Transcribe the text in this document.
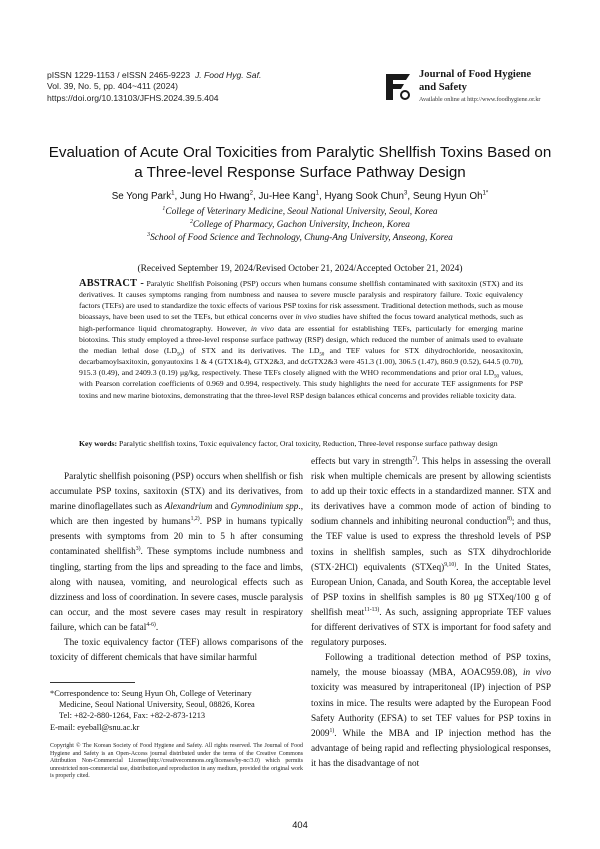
pISSN 1229-1153 / eISSN 2465-9223 J. Food Hyg. Saf.
Vol. 39, No. 5, pp. 404~411 (2024)
https://doi.org/10.13103/JFHS.2024.39.5.404
Journal of Food Hygiene
and Safety
Available online at http://www.foodhygiene.or.kr
Evaluation of Acute Oral Toxicities from Paralytic Shellfish Toxins Based on
a Three-level Response Surface Pathway Design
Se Yong Park$^1$, Jung Ho Hwang$^2$, Ju-Hee Kang$^1$, Hyang Sook Chun$^3$, Seung Hyun $Oh^{1*}$
$^1$College of Veterinary Medicine, Seoul National University, Seoul, Korea
$^2$College of Pharmacy, Gachon University, Incheon, Korea
$^3$School of Food Science and Technology, Chung-Ang University, Anseong, Korea
(Received September 19, 2024/Revised October 21, 2024/Accepted October 21, 2024)
ABSTRACT - Paralytic Shellfish Poisoning (PSP) occurs when humans consume shellfish contaminated with saxitoxin (STX) and its derivatives. It causes symptoms ranging from numbness and nausea to severe muscle paralysis and respiratory failure. Toxic equivalency factors (TEFs) are used to standardize the toxic effects of various PSP toxins for risk assessment. Traditional detection methods, such as mouse bioassays, have been used to set the TEFs, but ethical concerns over in vivo studies have shifted the focus toward analytical methods, such as high-performance liquid chromatography. However, in vivo data are essential for establishing TEFs, particularly for emerging marine biotoxins. This study employed a three-level response surface pathway (RSP) design, which reduced the number of animals used to evaluate the median lethal dose $(LD_{50})$ of STX and its derivatives. The $LD_{50}$ and TEF values for STX dihydrochloride, neosaxitoxin, decarbamoylsaxitoxin, gonyautoxins 1 & 4 (GTX1&4), GTX2&3, and dcGTX2&3 were 451.3 (1.00), 306.5 (1.47), 860.9 (0.52), 644.5 (0.70), 915.3 (0.49), and 2409.3 (0.19) μg/kg, respectively. These TEFs closely aligned with the WHO recommendations and prior oral $LD_{50}$ values, with Pearson correlation coefficients of 0.969 and 0.994, respectively. This study highlights the need for accurate TEF assignments for PSP toxins and new marine biotoxins, demonstrating that the three-level RSP design balances ethical concerns and provides reliable toxicity data.
Key words: Paralytic shellfish toxins, Toxic equivalency factor, Oral toxicity, Reduction, Three-level response surface pathway design

Paralytic shellfish poisoning (PSP) occurs when shellfish or fish accumulate PSP toxins, saxitoxin (STX) and its derivatives, from marine dinoflagellates such as Alexandrium and Gymnodinium spp., which are then ingested by humans$^{1,2)}$. PSP in humans typically presents with symptoms from 20 min to 5 h after consuming contaminated shellfish$^{3)}$. These symptoms include numbness and tingling, starting from the lips and spreading to the face and limbs, along with nausea, vomiting, and neurological effects such as dizziness and loss of coordination. In severe cases, muscle paralysis can occur, and the most severe cases may result in respiratory failure, which can be fatal$^{4-6)}$.

The toxic equivalency factor (TEF) allows comparisons of the toxicity of different chemicals that have similar harmful

effects but vary in strength$^{7)}$. This helps in assessing the overall risk when multiple chemicals are present by allowing scientists to add up their toxic effects in a standardized manner. STX and its derivatives have a common mode of action of binding to sodium channels and inhibiting neuronal conduction$^{8)}$; and thus, the TEF value is used to express the threshold levels of PSP toxins in shellfish samples, such as STX dihydrochloride (STX·2HCl) equivalents (STXeq)$^{9,10)}$. In the United States, European Union, Canada, and South Korea, the acceptable level of PSP toxins in shellfish samples is 80 μg STXeq/100 g of shellfish meat$^{11-13)}$. As such, assigning appropriate TEF values for different derivatives of STX is important for food safety and regulatory purposes.

Following a traditional detection method of PSP toxins, namely, the mouse bioassay (MBA, AOAC959.08), in vivo toxicity was measured by intraperitoneal (IP) injection of PSP toxins in mice. The results were adapted by the European Food Safety Authority (EFSA) to set TEF values for PSP toxins in 2009$^{1)}$. While the MBA and IP injection method has the advantage of being rapid and reflecting physiological responses, it has the disadvantage of not

*Correspondence to: Seung Hyun Oh, College of Veterinary
Medicine, Seoul National University, Seoul, 08826, Korea
Tel: +82-2-880-1264, Fax: +82-2-873-1213
E-mail: eyeball@snu.ac.kr
Copyright © The Korean Society of Food Hygiene and Safety. All rights reserved. The Journal of Food Hygiene and Safety is an Open-Access journal distributed under the terms of the Creative Commons Attribution Non-Commercial License(http://creativecommons.org/licenses/by-nc/3.0) which permits unrestricted non-commercial use, distribution,and reproduction in any medium, provided the original work is properly cited.
404
